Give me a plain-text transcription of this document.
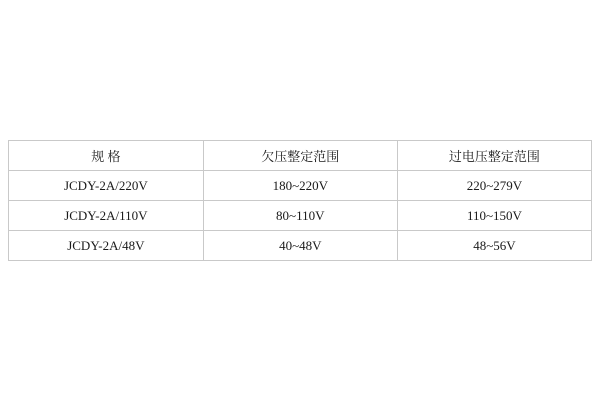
规 格	欠压整定范围	过电压整定范围
JCDY-2A/220V	180~220V	220~279V
JCDY-2A/110V	80~110V	110~150V
JCDY-2A/48V	40~48V	48~56V
